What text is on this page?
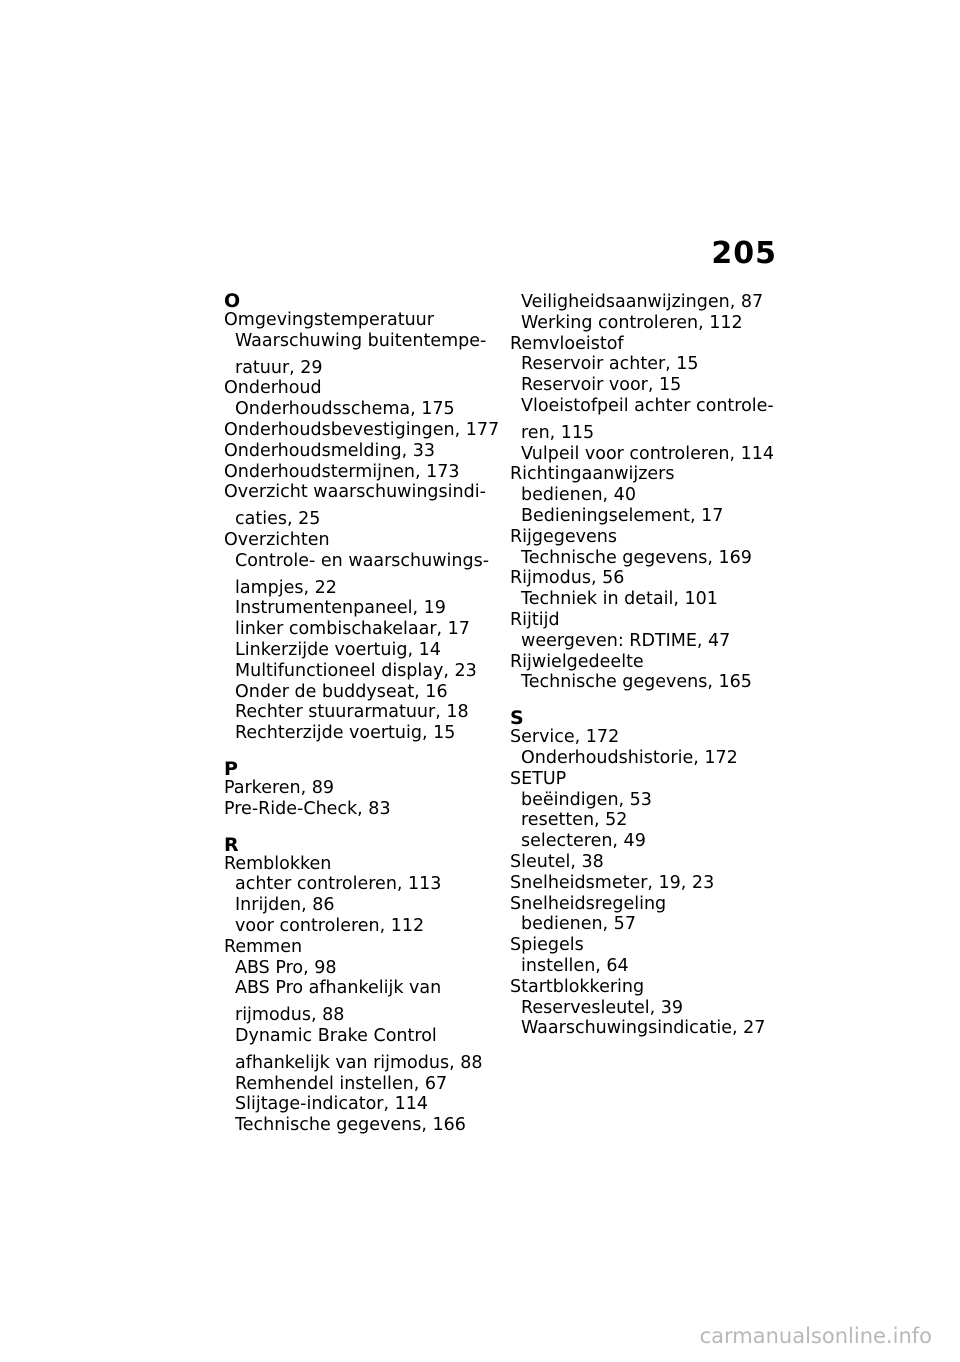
205
O
Omgevingstemperatuur
Waarschuwing buitentempe-
ratuur, 29
Onderhoud
Onderhoudsschema, 175
Onderhoudsbevestigingen, 177
Onderhoudsmelding, 33
Onderhoudstermijnen, 173
Overzicht waarschuwingsindi-
caties, 25
Overzichten
Controle- en waarschuwings-
lampjes, 22
Instrumentenpaneel, 19
linker combischakelaar, 17
Linkerzijde voertuig, 14
Multifunctioneel display, 23
Onder de buddyseat, 16
Rechter stuurarmatuur, 18
Rechterzijde voertuig, 15
P
Parkeren, 89
Pre-Ride-Check, 83
R
Remblokken
achter controleren, 113
Inrijden, 86
voor controleren, 112
Remmen
ABS Pro, 98
ABS Pro afhankelijk van
rijmodus, 88
Dynamic Brake Control
afhankelijk van rijmodus, 88
Remhendel instellen, 67
Slijtage-indicator, 114
Technische gegevens, 166
Veiligheidsaanwijzingen, 87
Werking controleren, 112
Remvloeistof
Reservoir achter, 15
Reservoir voor, 15
Vloeistofpeil achter controle-
ren, 115
Vulpeil voor controleren, 114
Richtingaanwijzers
bedienen, 40
Bedieningselement, 17
Rijgegevens
Technische gegevens, 169
Rijmodus, 56
Techniek in detail, 101
Rijtijd
weergeven: RDTIME, 47
Rijwielgedeelte
Technische gegevens, 165
S
Service, 172
Onderhoudshistorie, 172
SETUP
beëindigen, 53
resetten, 52
selecteren, 49
Sleutel, 38
Snelheidsmeter, 19, 23
Snelheidsregeling
bedienen, 57
Spiegels
instellen, 64
Startblokkering
Reservesleutel, 39
Waarschuwingsindicatie, 27
carmanualsonline.info
